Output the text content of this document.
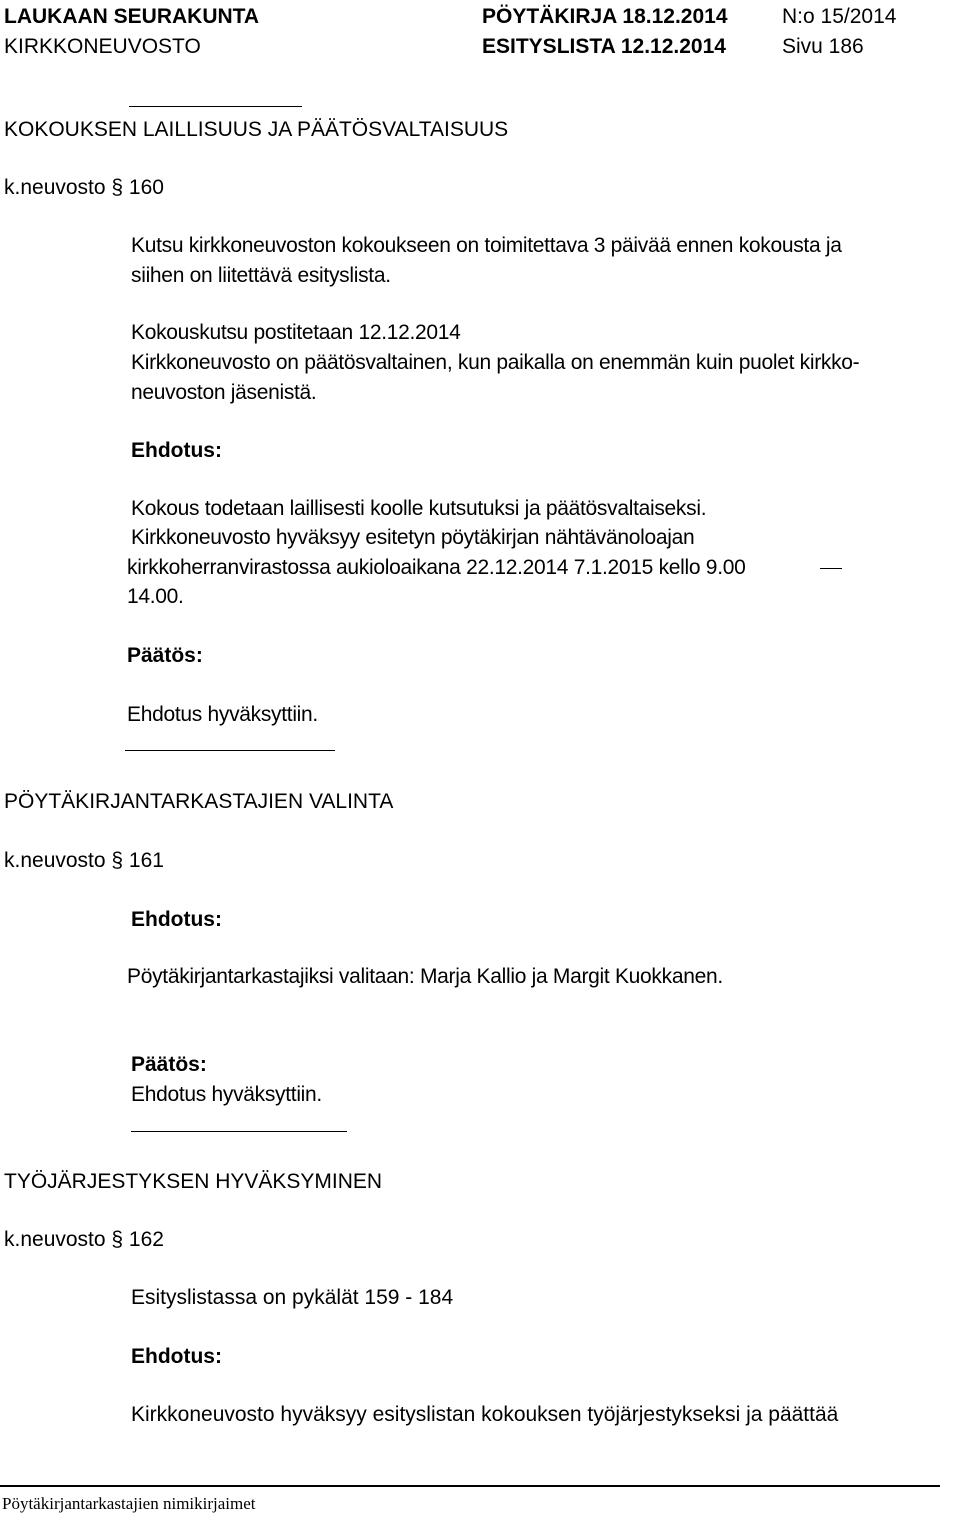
LAUKAAN SEURAKUNTA
KIRKKONEUVOSTO
PÖYTÄKIRJA 18.12.2014
ESITYSLISTA 12.12.2014
N:o 15/2014
Sivu 186
KOKOUKSEN LAILLISUUS JA PÄÄTÖSVALTAISUUS
k.neuvosto § 160
Kutsu kirkkoneuvoston kokoukseen on toimitettava 3 päivää ennen kokousta ja
siihen on liitettävä esityslista.
Kokouskutsu postitetaan 12.12.2014
Kirkkoneuvosto on päätösvaltainen, kun paikalla on enemmän kuin puolet kirkko-
neuvoston jäsenistä.
Ehdotus:
Kokous todetaan laillisesti koolle kutsutuksi ja päätösvaltaiseksi.
Kirkkoneuvosto hyväksyy esitetyn pöytäkirjan nähtävänoloajan
kirkkoherranvirastossa aukioloaikana 22.12.2014 7.1.2015 kello 9.00
14.00.
Päätös:
Ehdotus hyväksyttiin.
PÖYTÄKIRJANTARKASTAJIEN VALINTA
k.neuvosto § 161
Ehdotus:
Pöytäkirjantarkastajiksi valitaan: Marja Kallio ja Margit Kuokkanen.
Päätös:
Ehdotus hyväksyttiin.
TYÖJÄRJESTYKSEN HYVÄKSYMINEN
k.neuvosto § 162
Esityslistassa on pykälät 159 - 184
Ehdotus:
Kirkkoneuvosto hyväksyy esityslistan kokouksen työjärjestykseksi ja päättää
Pöytäkirjantarkastajien nimikirjaimet
